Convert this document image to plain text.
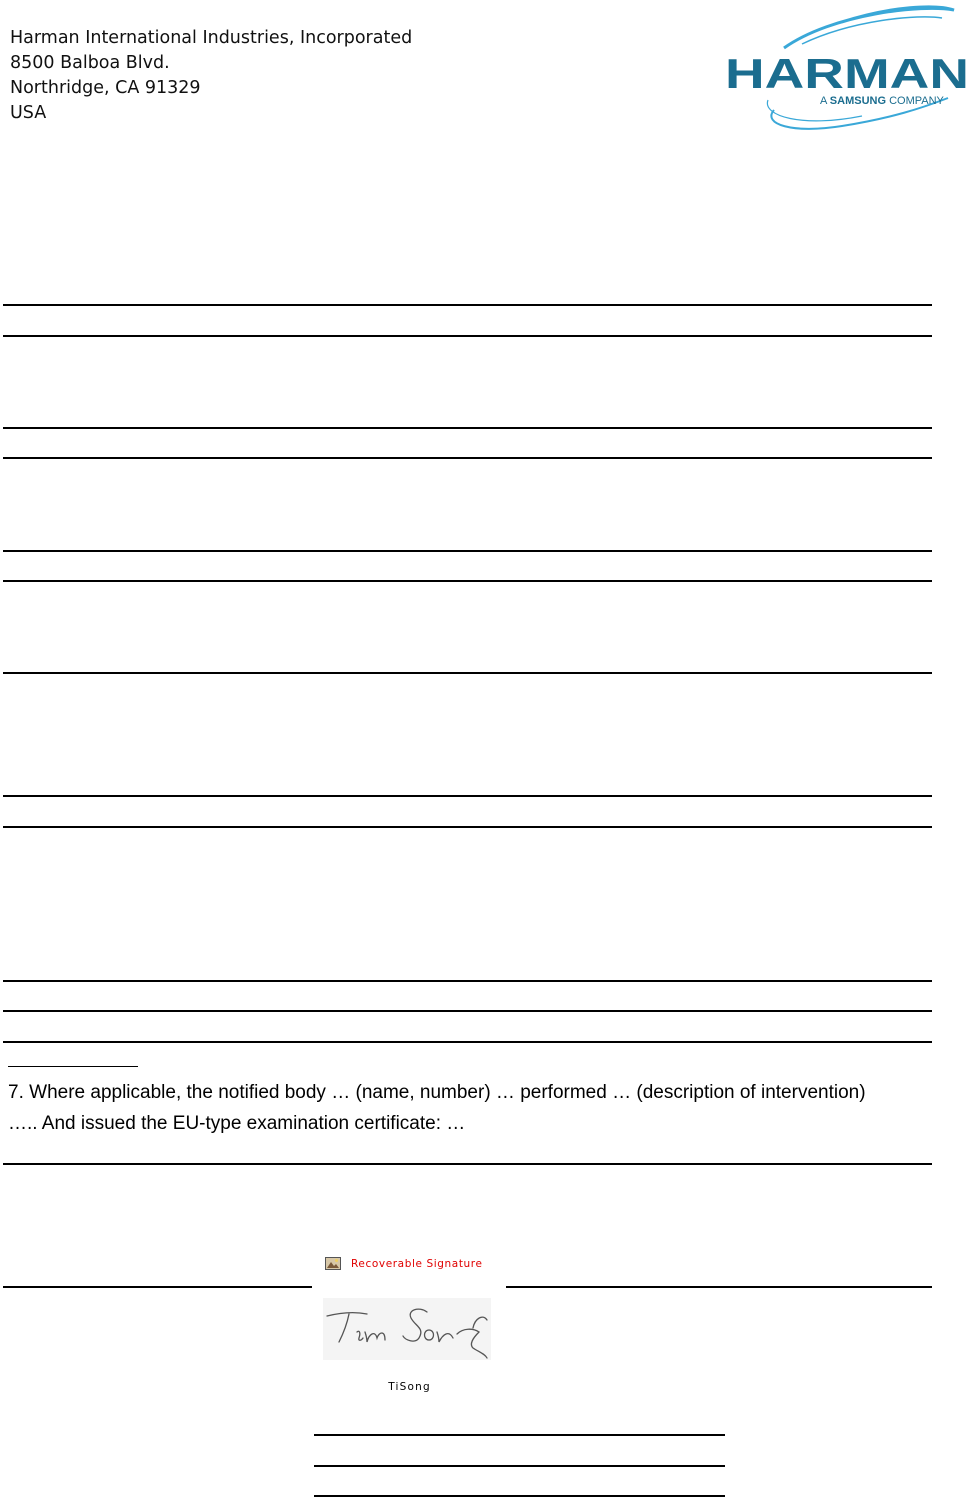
Harman International Industries, Incorporated
8500 Balboa Blvd.
Northridge, CA 91329
USA
HARMAN
A SAMSUNG COMPANY
7. Where applicable, the notified body … (name, number) … performed … (description of intervention)
….. And issued the EU-type examination certificate: …
Recoverable Signature
TiSong
